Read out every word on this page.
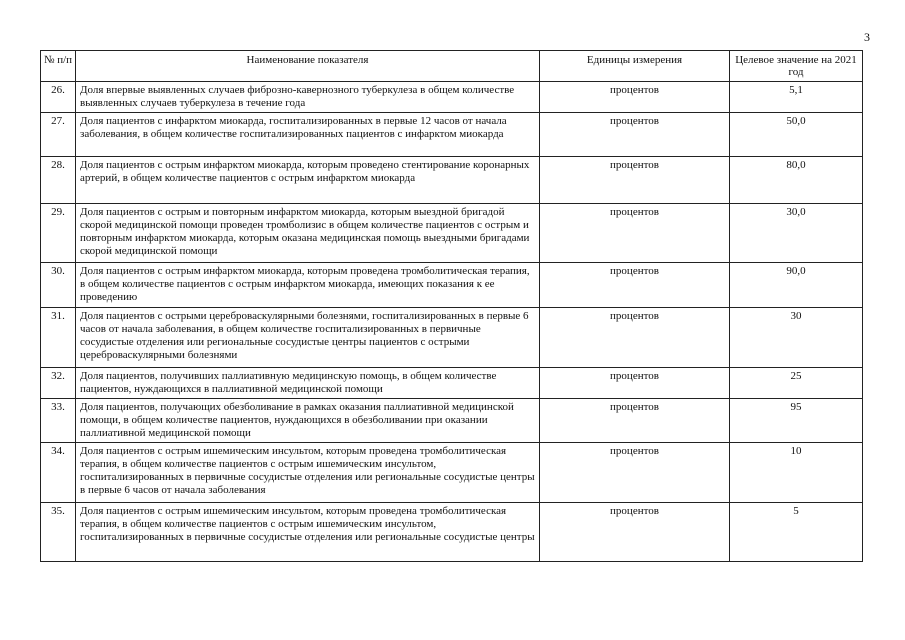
3
№ п/п	Наименование показателя	Единицы измерения	Целевое значение на 2021 год
26.	Доля впервые выявленных случаев фиброзно-кавернозного туберкулеза в общем количестве выявленных случаев туберкулеза в течение года	процентов	5,1
27.	Доля пациентов с инфарктом миокарда, госпитализированных в первые 12 часов от начала заболевания, в общем количестве госпитализированных пациентов с инфарктом миокарда	процентов	50,0
28.	Доля пациентов с острым инфарктом миокарда, которым проведено стентирование коронарных артерий, в общем количестве пациентов с острым инфарктом миокарда	процентов	80,0
29.	Доля пациентов с острым и повторным инфарктом миокарда, которым выездной бригадой скорой медицинской помощи проведен тромболизис в общем количестве пациентов с острым и повторным инфарктом миокарда, которым оказана медицинская помощь выездными бригадами скорой медицинской помощи	процентов	30,0
30.	Доля пациентов с острым инфарктом миокарда, которым проведена тромболитическая терапия, в общем количестве пациентов с острым инфарктом миокарда, имеющих показания к ее проведению	процентов	90,0
31.	Доля пациентов с острыми цереброваскулярными болезнями, госпитализированных в первые 6 часов от начала заболевания, в общем количестве госпитализированных в первичные сосудистые отделения или региональные сосудистые центры пациентов с острыми цереброваскулярными болезнями	процентов	30
32.	Доля пациентов, получивших паллиативную медицинскую помощь, в общем количестве пациентов, нуждающихся в паллиативной медицинской помощи	процентов	25
33.	Доля пациентов, получающих обезболивание в рамках оказания паллиативной медицинской помощи, в общем количестве пациентов, нуждающихся в обезболивании при оказании паллиативной медицинской помощи	процентов	95
34.	Доля пациентов с острым ишемическим инсультом, которым проведена тромболитическая терапия, в общем количестве пациентов с острым ишемическим инсультом, госпитализированных в первичные сосудистые отделения или региональные сосудистые центры в первые 6 часов от начала заболевания	процентов	10
35.	Доля пациентов с острым ишемическим инсультом, которым проведена тромболитическая терапия, в общем количестве пациентов с острым ишемическим инсультом, госпитализированных в первичные сосудистые отделения или региональные сосудистые центры	процентов	5
